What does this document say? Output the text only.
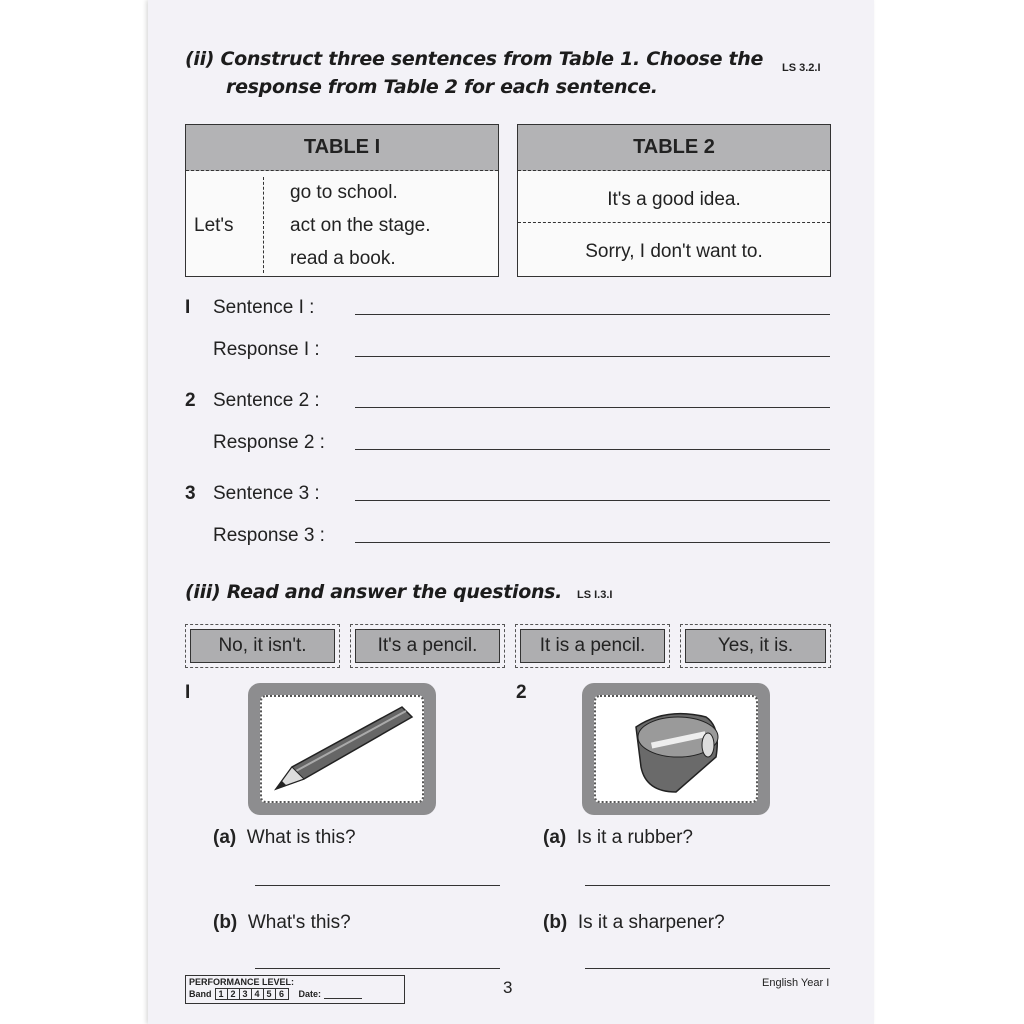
(ii) Construct three sentences from Table 1. Choose the
response from Table 2 for each sentence.
LS 3.2.I
TABLE I
Let's
go to school.
act on the stage.
read a book.
TABLE 2
It's a good idea.
Sorry, I don't want to.
I Sentence I :
Response I :
2 Sentence 2 :
Response 2 :
3 Sentence 3 :
Response 3 :
(iii) Read and answer the questions. LS I.3.I
No, it isn't.	It's a pencil.	It is a pencil.	Yes, it is.
I	2
(a) What is this?
(b) What's this?
(a) Is it a rubber?
(b) Is it a sharpener?
PERFORMANCE LEVEL:
Band 1 2 3 4 5 6	Date:	3	English Year I
